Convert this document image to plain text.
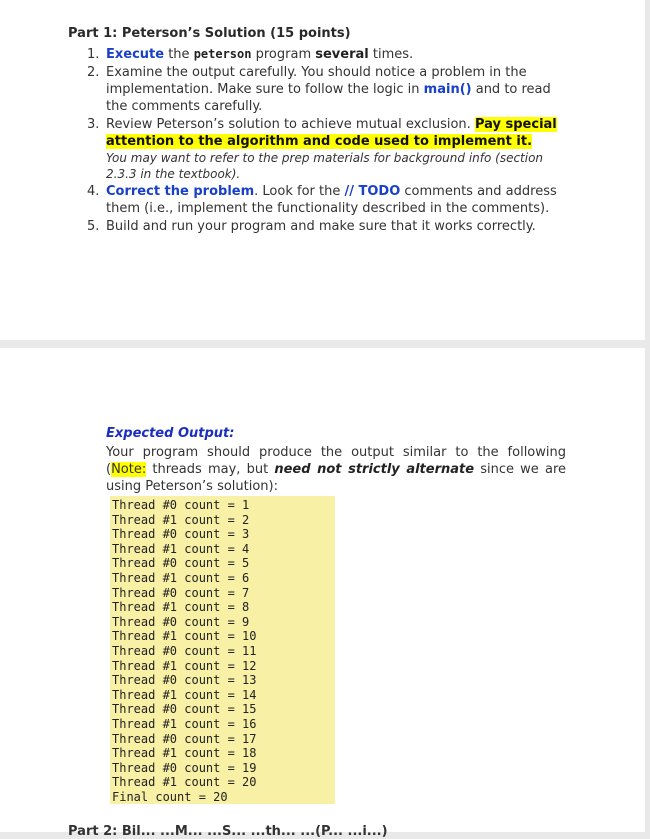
Part 1: Peterson’s Solution (15 points)
1. Execute the peterson program several times.
2. Examine the output carefully. You should notice a problem in the implementation. Make sure to follow the logic in main() and to read the comments carefully.
3. Review Peterson’s solution to achieve mutual exclusion. Pay special attention to the algorithm and code used to implement it.
You may want to refer to the prep materials for background info (section 2.3.3 in the textbook).
4. Correct the problem. Look for the // TODO comments and address them (i.e., implement the functionality described in the comments).
5. Build and run your program and make sure that it works correctly.
Expected Output:
Your program should produce the output similar to the following (Note: threads may, but need not strictly alternate since we are using Peterson’s solution):
Thread #0 count = 1
Thread #1 count = 2
Thread #0 count = 3
Thread #1 count = 4
Thread #0 count = 5
Thread #1 count = 6
Thread #0 count = 7
Thread #1 count = 8
Thread #0 count = 9
Thread #1 count = 10
Thread #0 count = 11
Thread #1 count = 12
Thread #0 count = 13
Thread #1 count = 14
Thread #0 count = 15
Thread #1 count = 16
Thread #0 count = 17
Thread #1 count = 18
Thread #0 count = 19
Thread #1 count = 20
Final count = 20
Part 2: Bil... ...M... ...S... ...th... ...(P... ...i...)
